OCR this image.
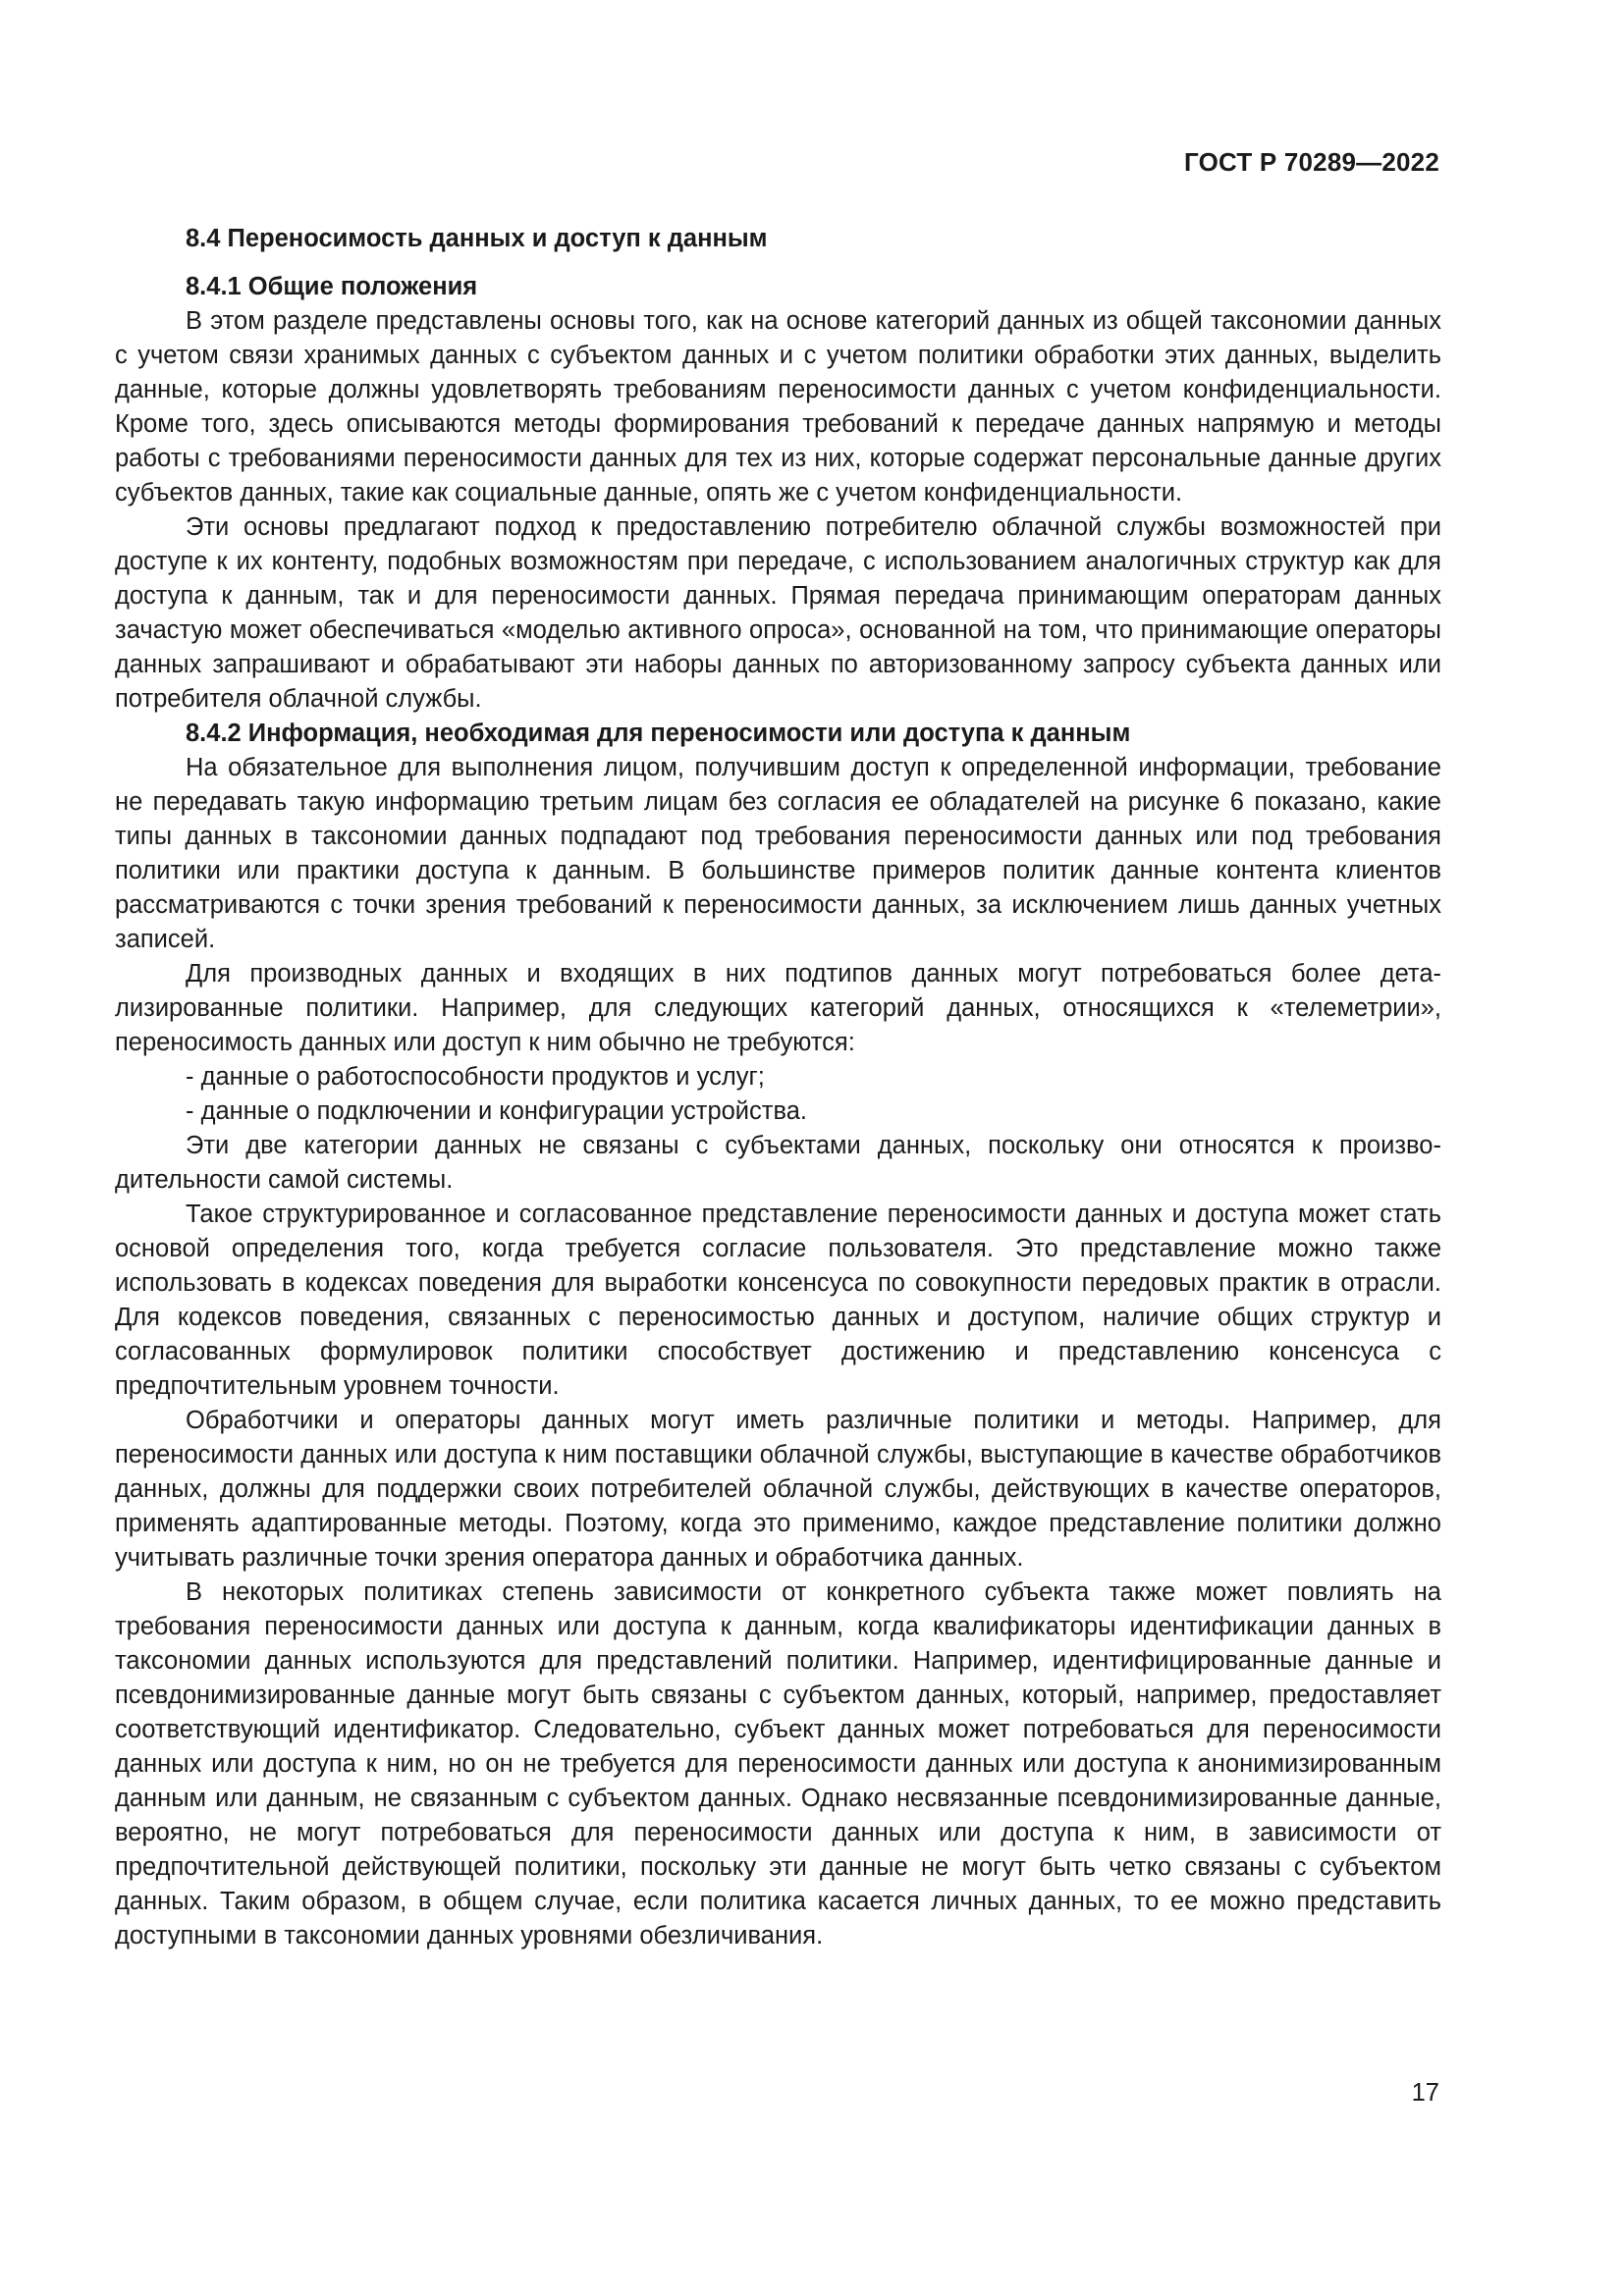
ГОСТ Р 70289—2022
8.4 Переносимость данных и доступ к данным
8.4.1 Общие положения

В этом разделе представлены основы того, как на основе категорий данных из общей таксономии данных с учетом связи хранимых данных с субъектом данных и с учетом политики обработки этих данных, выделить данные, которые должны удовлетворять требованиям переносимости данных с учетом конфиденциальности. Кроме того, здесь описываются методы формирования требований к передаче данных напрямую и методы работы с требованиями переносимости данных для тех из них, которые содержат персональные данные других субъектов данных, такие как социальные данные, опять же с учетом конфиденциальности.

Эти основы предлагают подход к предоставлению потребителю облачной службы возможностей при доступе к их контенту, подобных возможностям при передаче, с использованием аналогичных структур как для доступа к данным, так и для переносимости данных. Прямая передача принимающим операторам данных зачастую может обеспечиваться «моделью активного опроса», основанной на том, что принимающие операторы данных запрашивают и обрабатывают эти наборы данных по авторизованному запросу субъекта данных или потребителя облачной службы.

8.4.2 Информация, необходимая для переносимости или доступа к данным

На обязательное для выполнения лицом, получившим доступ к определенной информации, требование не передавать такую информацию третьим лицам без согласия ее обладателей на рисунке 6 показано, какие типы данных в таксономии данных подпадают под требования переносимости данных или под требования политики или практики доступа к данным. В большинстве примеров политик данные контента клиентов рассматриваются с точки зрения требований к переносимости данных, за исключением лишь данных учетных записей.

Для производных данных и входящих в них подтипов данных могут потребоваться более детализированные политики. Например, для следующих категорий данных, относящихся к «телеметрии», переносимость данных или доступ к ним обычно не требуются:

- данные о работоспособности продуктов и услуг;

- данные о подключении и конфигурации устройства.

Эти две категории данных не связаны с субъектами данных, поскольку они относятся к производительности самой системы.

Такое структурированное и согласованное представление переносимости данных и доступа может стать основой определения того, когда требуется согласие пользователя. Это представление можно также использовать в кодексах поведения для выработки консенсуса по совокупности передовых практик в отрасли. Для кодексов поведения, связанных с переносимостью данных и доступом, наличие общих структур и согласованных формулировок политики способствует достижению и представлению консенсуса с предпочтительным уровнем точности.

Обработчики и операторы данных могут иметь различные политики и методы. Например, для переносимости данных или доступа к ним поставщики облачной службы, выступающие в качестве обработчиков данных, должны для поддержки своих потребителей облачной службы, действующих в качестве операторов, применять адаптированные методы. Поэтому, когда это применимо, каждое представление политики должно учитывать различные точки зрения оператора данных и обработчика данных.

В некоторых политиках степень зависимости от конкретного субъекта также может повлиять на требования переносимости данных или доступа к данным, когда квалификаторы идентификации данных в таксономии данных используются для представлений политики. Например, идентифицированные данные и псевдонимизированные данные могут быть связаны с субъектом данных, который, например, предоставляет соответствующий идентификатор. Следовательно, субъект данных может потребоваться для переносимости данных или доступа к ним, но он не требуется для переносимости данных или доступа к анонимизированным данным или данным, не связанным с субъектом данных. Однако несвязанные псевдонимизированные данные, вероятно, не могут потребоваться для переносимости данных или доступа к ним, в зависимости от предпочтительной действующей политики, поскольку эти данные не могут быть четко связаны с субъектом данных. Таким образом, в общем случае, если политика касается личных данных, то ее можно представить доступными в таксономии данных уровнями обезличивания.

17
